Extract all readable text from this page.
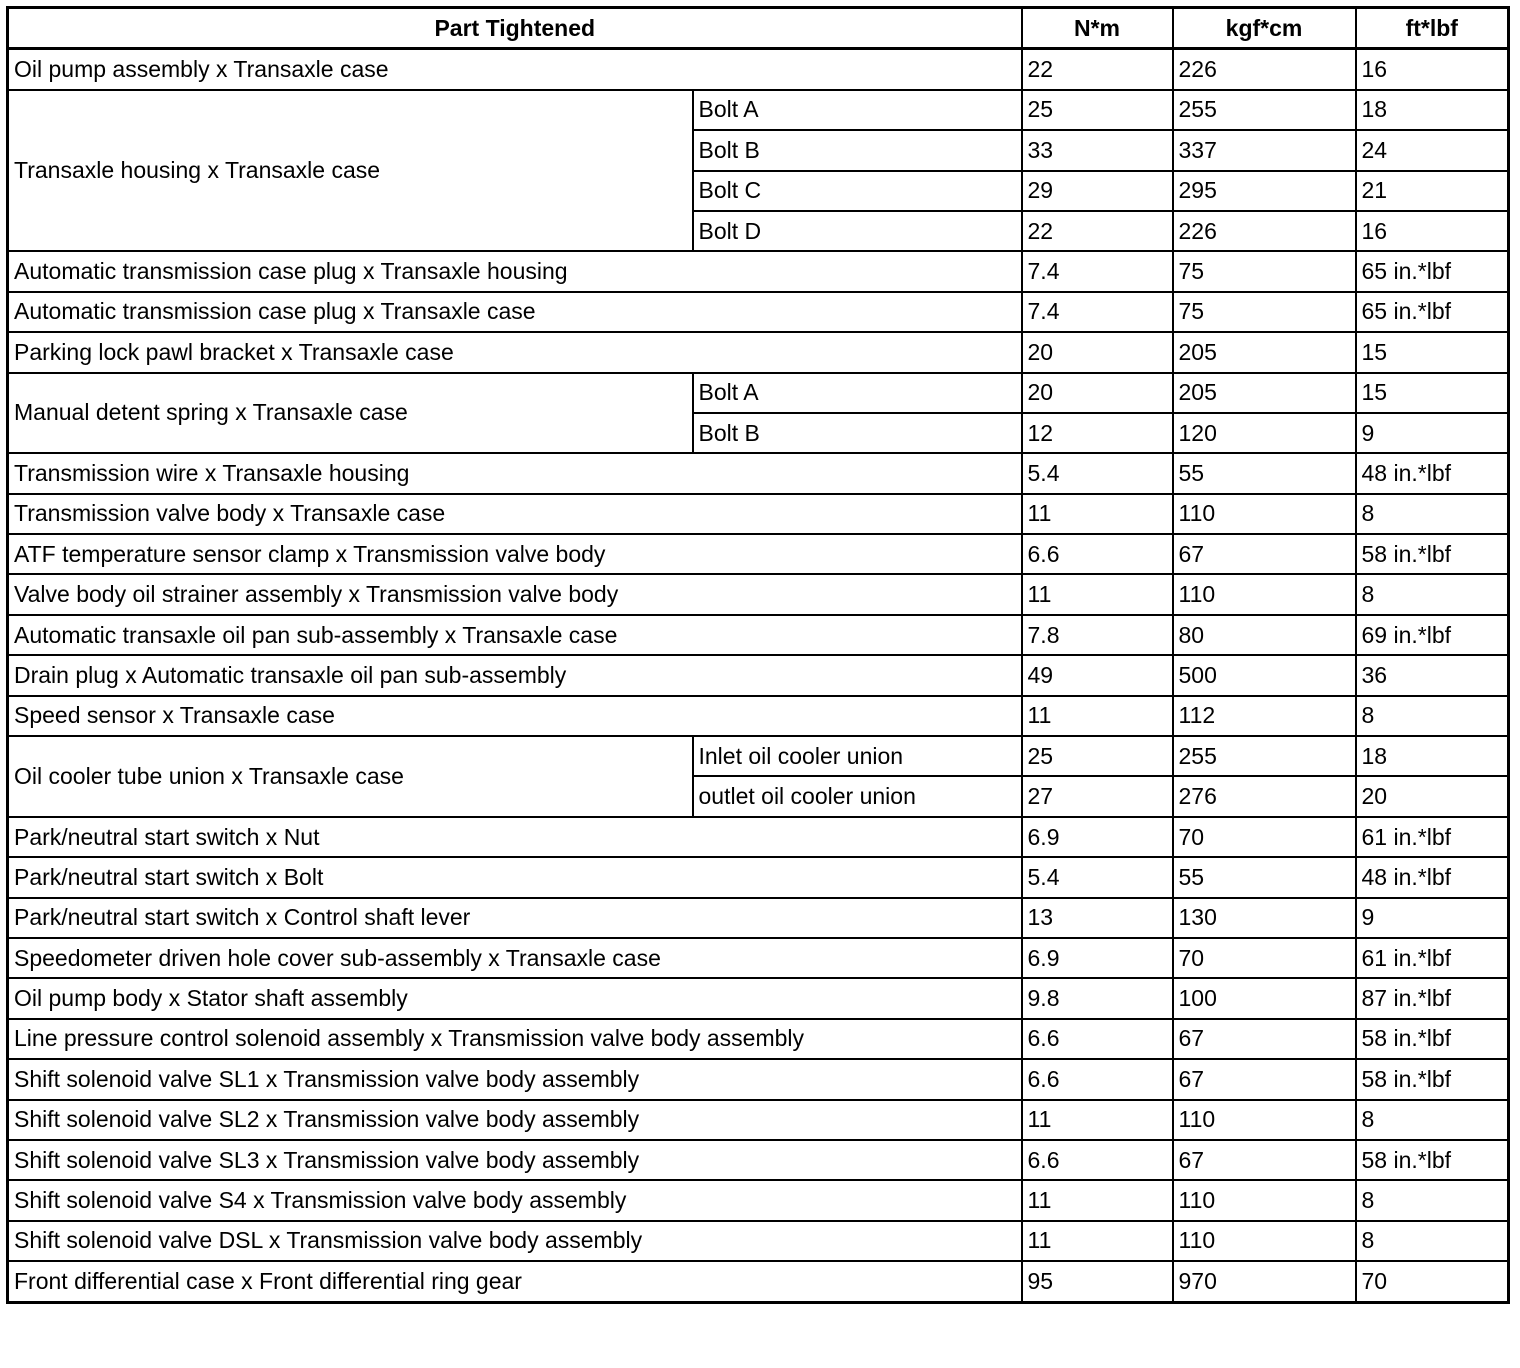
Part Tightened		N*m	kgf*cm	ft*lbf
Oil pump assembly x Transaxle case		22	226	16
Transaxle housing x Transaxle case	Bolt A	25	255	18
	Bolt B	33	337	24
	Bolt C	29	295	21
	Bolt D	22	226	16
Automatic transmission case plug x Transaxle housing		7.4	75	65 in.*lbf
Automatic transmission case plug x Transaxle case		7.4	75	65 in.*lbf
Parking lock pawl bracket x Transaxle case		20	205	15
Manual detent spring x Transaxle case	Bolt A	20	205	15
	Bolt B	12	120	9
Transmission wire x Transaxle housing		5.4	55	48 in.*lbf
Transmission valve body x Transaxle case		11	110	8
ATF temperature sensor clamp x Transmission valve body		6.6	67	58 in.*lbf
Valve body oil strainer assembly x Transmission valve body		11	110	8
Automatic transaxle oil pan sub-assembly x Transaxle case		7.8	80	69 in.*lbf
Drain plug x Automatic transaxle oil pan sub-assembly		49	500	36
Speed sensor x Transaxle case		11	112	8
Oil cooler tube union x Transaxle case	Inlet oil cooler union	25	255	18
	outlet oil cooler union	27	276	20
Park/neutral start switch x Nut		6.9	70	61 in.*lbf
Park/neutral start switch x Bolt		5.4	55	48 in.*lbf
Park/neutral start switch x Control shaft lever		13	130	9
Speedometer driven hole cover sub-assembly x Transaxle case		6.9	70	61 in.*lbf
Oil pump body x Stator shaft assembly		9.8	100	87 in.*lbf
Line pressure control solenoid assembly x Transmission valve body assembly		6.6	67	58 in.*lbf
Shift solenoid valve SL1 x Transmission valve body assembly		6.6	67	58 in.*lbf
Shift solenoid valve SL2 x Transmission valve body assembly		11	110	8
Shift solenoid valve SL3 x Transmission valve body assembly		6.6	67	58 in.*lbf
Shift solenoid valve S4 x Transmission valve body assembly		11	110	8
Shift solenoid valve DSL x Transmission valve body assembly		11	110	8
Front differential case x Front differential ring gear		95	970	70
